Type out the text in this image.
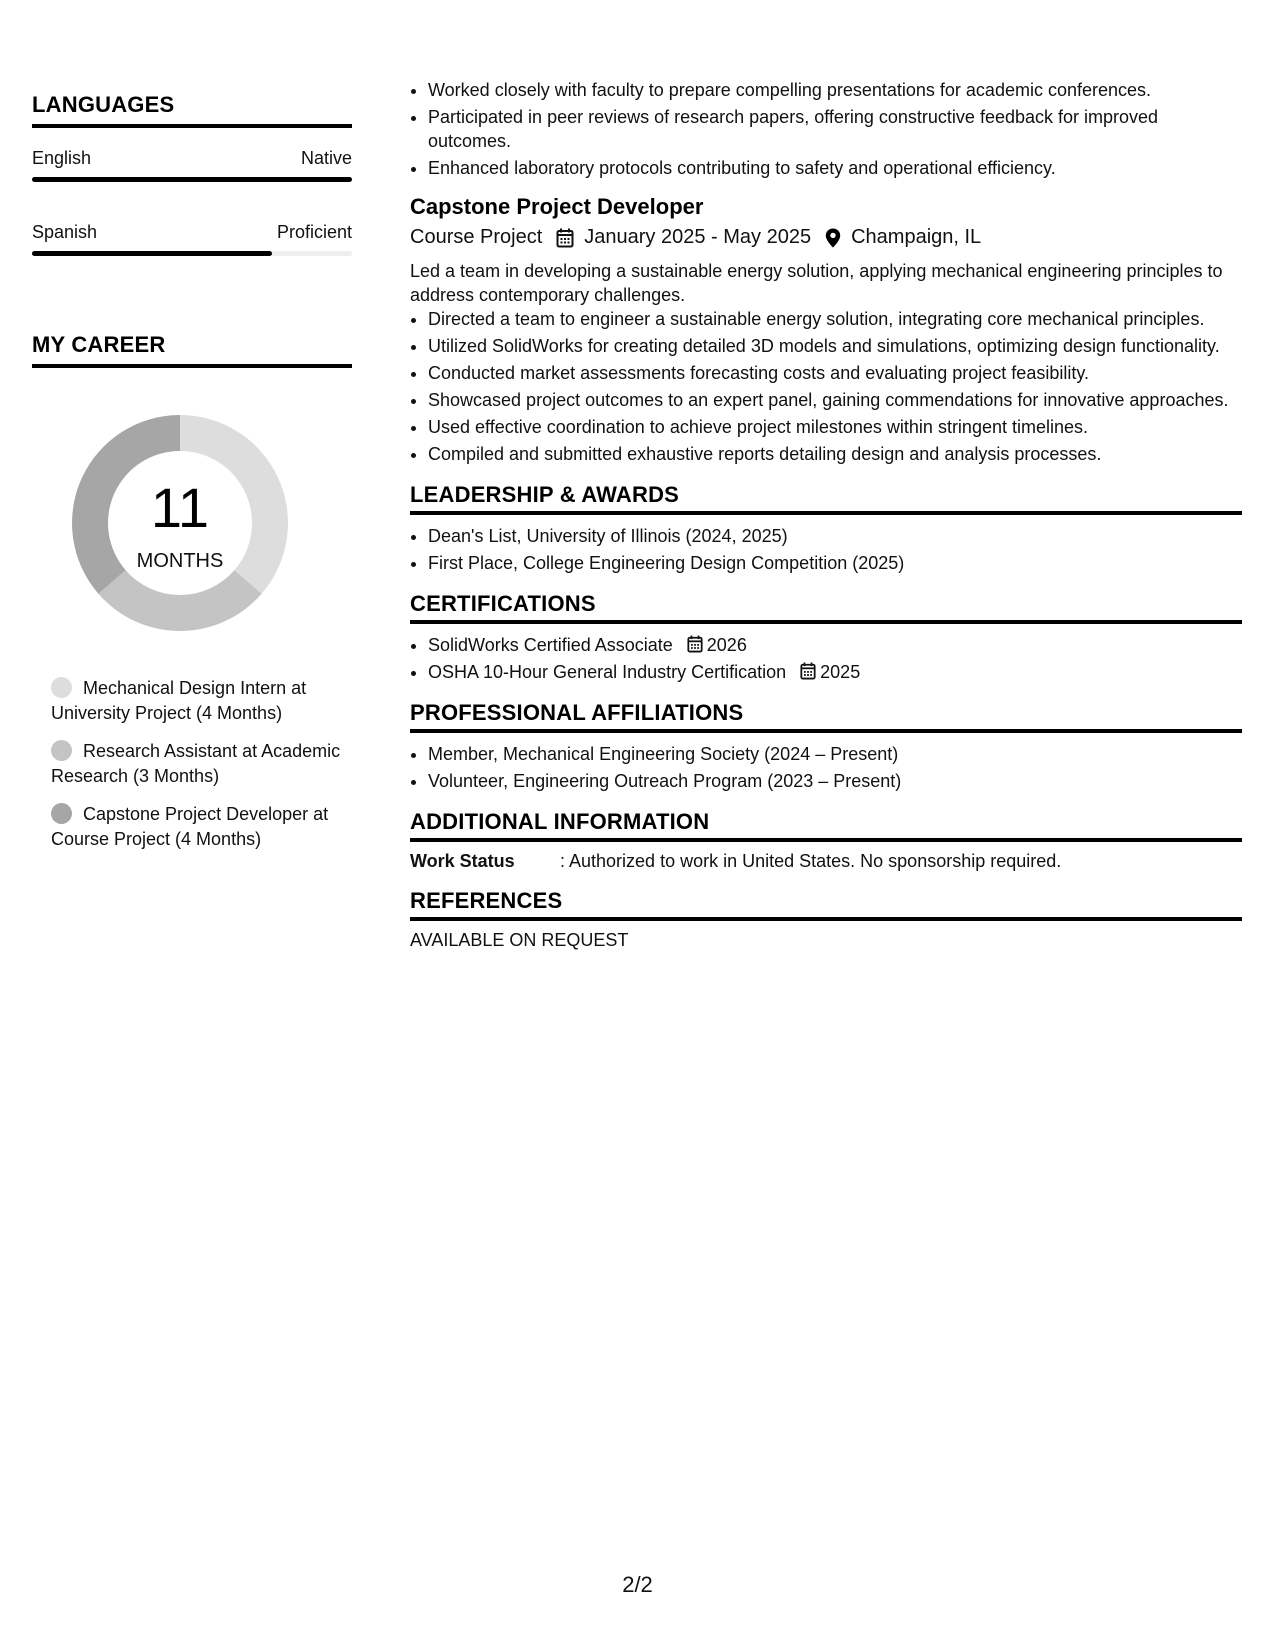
LANGUAGES
English	Native
Spanish	Proficient
MY CAREER
11
MONTHS
Mechanical Design Intern at University Project (4 Months)
Research Assistant at Academic Research (3 Months)
Capstone Project Developer at Course Project (4 Months)
• Worked closely with faculty to prepare compelling presentations for academic conferences.
• Participated in peer reviews of research papers, offering constructive feedback for improved outcomes.
• Enhanced laboratory protocols contributing to safety and operational efficiency.
Capstone Project Developer
Course Project January 2025 - May 2025 Champaign, IL
Led a team in developing a sustainable energy solution, applying mechanical engineering principles to address contemporary challenges.
• Directed a team to engineer a sustainable energy solution, integrating core mechanical principles.
• Utilized SolidWorks for creating detailed 3D models and simulations, optimizing design functionality.
• Conducted market assessments forecasting costs and evaluating project feasibility.
• Showcased project outcomes to an expert panel, gaining commendations for innovative approaches.
• Used effective coordination to achieve project milestones within stringent timelines.
• Compiled and submitted exhaustive reports detailing design and analysis processes.
LEADERSHIP & AWARDS
• Dean's List, University of Illinois (2024, 2025)
• First Place, College Engineering Design Competition (2025)
CERTIFICATIONS
• SolidWorks Certified Associate 2026
• OSHA 10-Hour General Industry Certification 2025
PROFESSIONAL AFFILIATIONS
• Member, Mechanical Engineering Society (2024 – Present)
• Volunteer, Engineering Outreach Program (2023 – Present)
ADDITIONAL INFORMATION
Work Status	: Authorized to work in United States. No sponsorship required.
REFERENCES
AVAILABLE ON REQUEST
2/2
